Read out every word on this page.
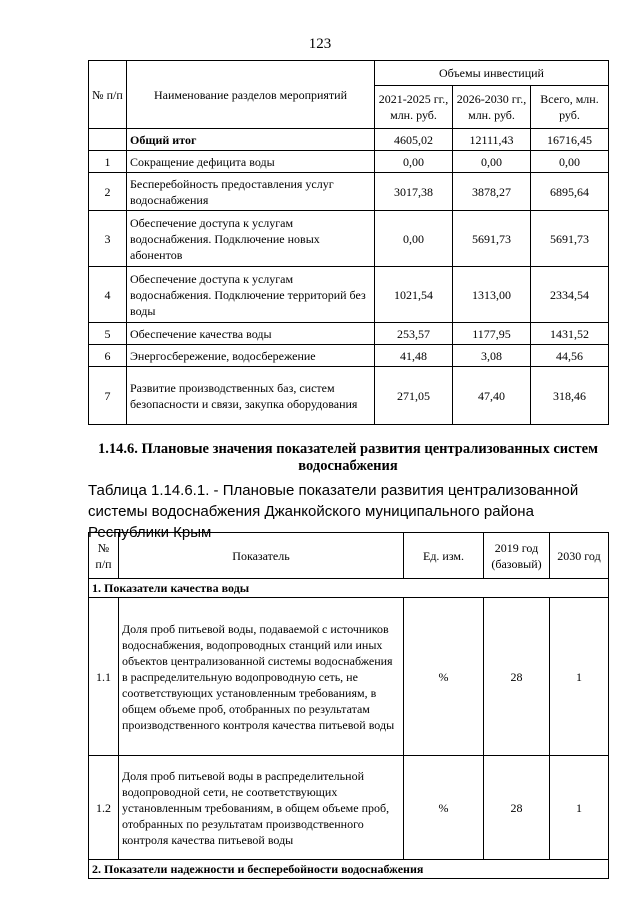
123
№ п/п	Наименование разделов мероприятий	Объемы инвестиций		
		2021-2025 гг., млн. руб.	2026-2030 гг., млн. руб.	Всего, млн. руб.
	Общий итог	4605,02	12111,43	16716,45
1	Сокращение дефицита воды	0,00	0,00	0,00
2	Бесперебойность предоставления услуг водоснабжения	3017,38	3878,27	6895,64
3	Обеспечение доступа к услугам водоснабжения. Подключение новых абонентов	0,00	5691,73	5691,73
4	Обеспечение доступа к услугам водоснабжения. Подключение территорий без воды	1021,54	1313,00	2334,54
5	Обеспечение качества воды	253,57	1177,95	1431,52
6	Энергосбережение, водосбережение	41,48	3,08	44,56
7	Развитие производственных баз, систем безопасности и связи, закупка оборудования	271,05	47,40	318,46
1.14.6. Плановые значения показателей развития централизованных систем водоснабжения
Таблица 1.14.6.1. - Плановые показатели развития централизованной системы водоснабжения Джанкойского муниципального района Республики Крым
№ п/п	Показатель	Ед. изм.	2019 год (базовый)	2030 год
1. Показатели качества воды				
1.1	Доля проб питьевой воды, подаваемой с источников водоснабжения, водопроводных станций или иных объектов централизованной системы водоснабжения в распределительную водопроводную сеть, не соответствующих установленным требованиям, в общем объеме проб, отобранных по результатам производственного контроля качества питьевой воды	%	28	1
1.2	Доля проб питьевой воды в распределительной водопроводной сети, не соответствующих установленным требованиям, в общем объеме проб, отобранных по результатам производственного контроля качества питьевой воды	%	28	1
2. Показатели надежности и бесперебойности водоснабжения				
